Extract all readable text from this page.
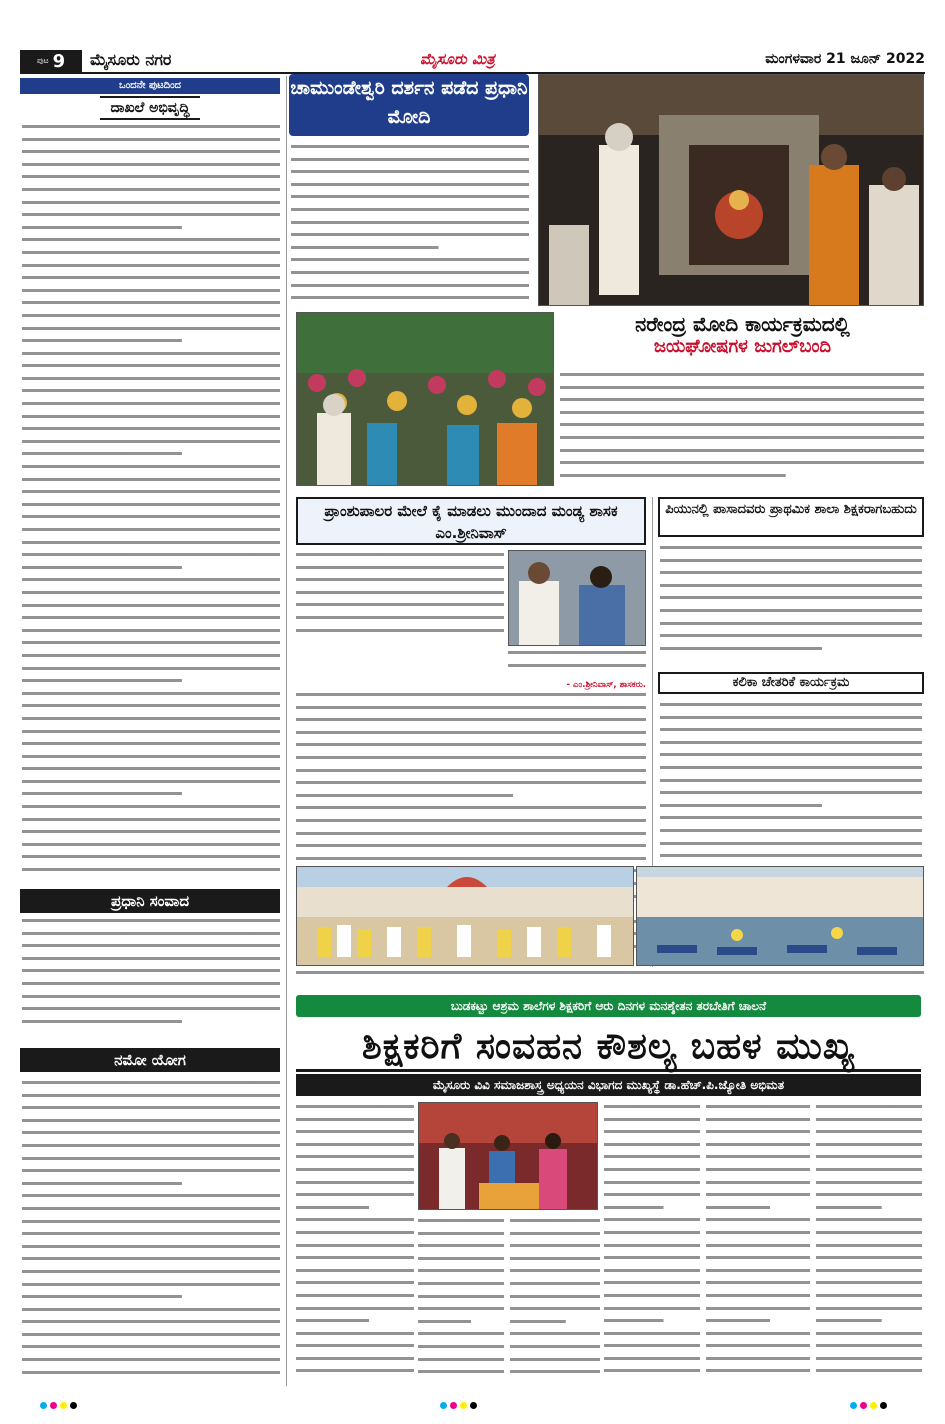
ಪುಟ 9 ಮೈಸೂರು ನಗರ	ಮೈಸೂರು ಮಿತ್ರ	ಮಂಗಳವಾರ 21 ಜೂನ್ 2022
ಒಂದನೇ ಪುಟದಿಂದ
ದಾಖಲೆ ಅಭಿವೃದ್ಧಿ
ಪ್ರಧಾನಿ ಸಂವಾದ
ನಮೋ ಯೋಗ
ಚಾಮುಂಡೇಶ್ವರಿ ದರ್ಶನ ಪಡೆದ ಪ್ರಧಾನಿ ಮೋದಿ
ನರೇಂದ್ರ ಮೋದಿ ಕಾರ್ಯಕ್ರಮದಲ್ಲಿ
ಜಯಘೋಷಗಳ ಜುಗಲ್‌ಬಂದಿ
ಪ್ರಾಂಶುಪಾಲರ ಮೇಲೆ ಕೈ ಮಾಡಲು ಮುಂದಾದ ಮಂಡ್ಯ ಶಾಸಕ ಎಂ.ಶ್ರೀನಿವಾಸ್
- ಎಂ.ಶ್ರೀನಿವಾಸ್, ಶಾಸಕರು.
ಪಿಯುನಲ್ಲಿ ಪಾಸಾದವರು ಪ್ರಾಥಮಿಕ ಶಾಲಾ ಶಿಕ್ಷಕರಾಗಬಹುದು
ಕಲಿಕಾ ಚೇತರಿಕೆ ಕಾರ್ಯಕ್ರಮ
ಬುಡಕಟ್ಟು ಆಶ್ರಮ ಶಾಲೆಗಳ ಶಿಕ್ಷಕರಿಗೆ ಆರು ದಿನಗಳ ಮನಶ್ಶೇತನ ತರಬೇತಿಗೆ ಚಾಲನೆ
ಶಿಕ್ಷಕರಿಗೆ ಸಂವಹನ ಕೌಶಲ್ಯ ಬಹಳ ಮುಖ್ಯ
ಮೈಸೂರು ವಿವಿ ಸಮಾಜಶಾಸ್ತ್ರ ಅಧ್ಯಯನ ವಿಭಾಗದ ಮುಖ್ಯಸ್ಥೆ ಡಾ.ಹೆಚ್.ಪಿ.ಜ್ಯೋತಿ ಅಭಿಮತ
